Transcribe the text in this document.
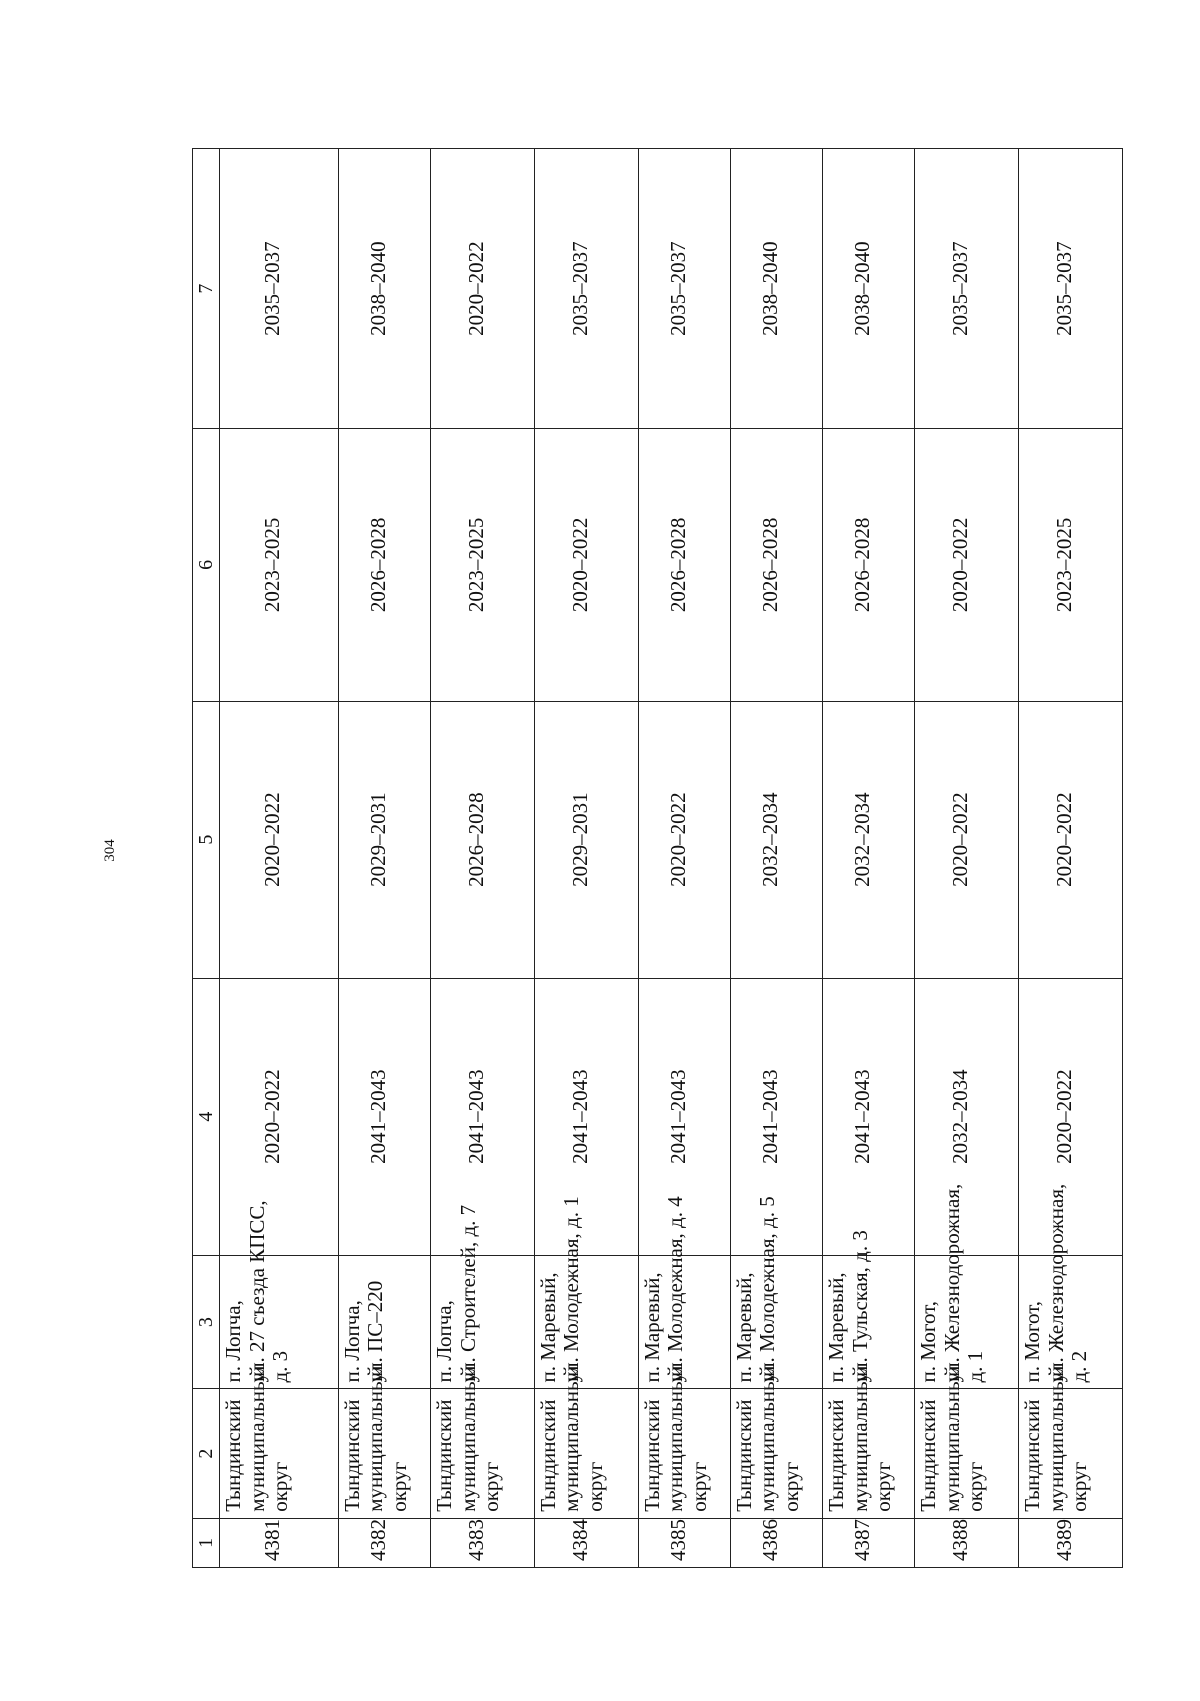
304
1	2	3	4	5	6	7
4381	Тындинский муниципальный округ	п. Лопча, ул. 27 съезда КПСС, д. 3	2020–2022	2020–2022	2023–2025	2035–2037
4382	Тындинский муниципальный округ	п. Лопча, ул. ПС–220	2041–2043	2029–2031	2026–2028	2038–2040
4383	Тындинский муниципальный округ	п. Лопча, ул. Строителей, д. 7	2041–2043	2026–2028	2023–2025	2020–2022
4384	Тындинский муниципальный округ	п. Маревый, ул. Молодежная, д. 1	2041–2043	2029–2031	2020–2022	2035–2037
4385	Тындинский муниципальный округ	п. Маревый, ул. Молодежная, д. 4	2041–2043	2020–2022	2026–2028	2035–2037
4386	Тындинский муниципальный округ	п. Маревый, ул. Молодежная, д. 5	2041–2043	2032–2034	2026–2028	2038–2040
4387	Тындинский муниципальный округ	п. Маревый, ул. Тульская, д. 3	2041–2043	2032–2034	2026–2028	2038–2040
4388	Тындинский муниципальный округ	п. Могот, ул. Железнодорожная, д. 1	2032–2034	2020–2022	2020–2022	2035–2037
4389	Тындинский муниципальный округ	п. Могот, ул. Железнодорожная, д. 2	2020–2022	2020–2022	2023–2025	2035–2037
